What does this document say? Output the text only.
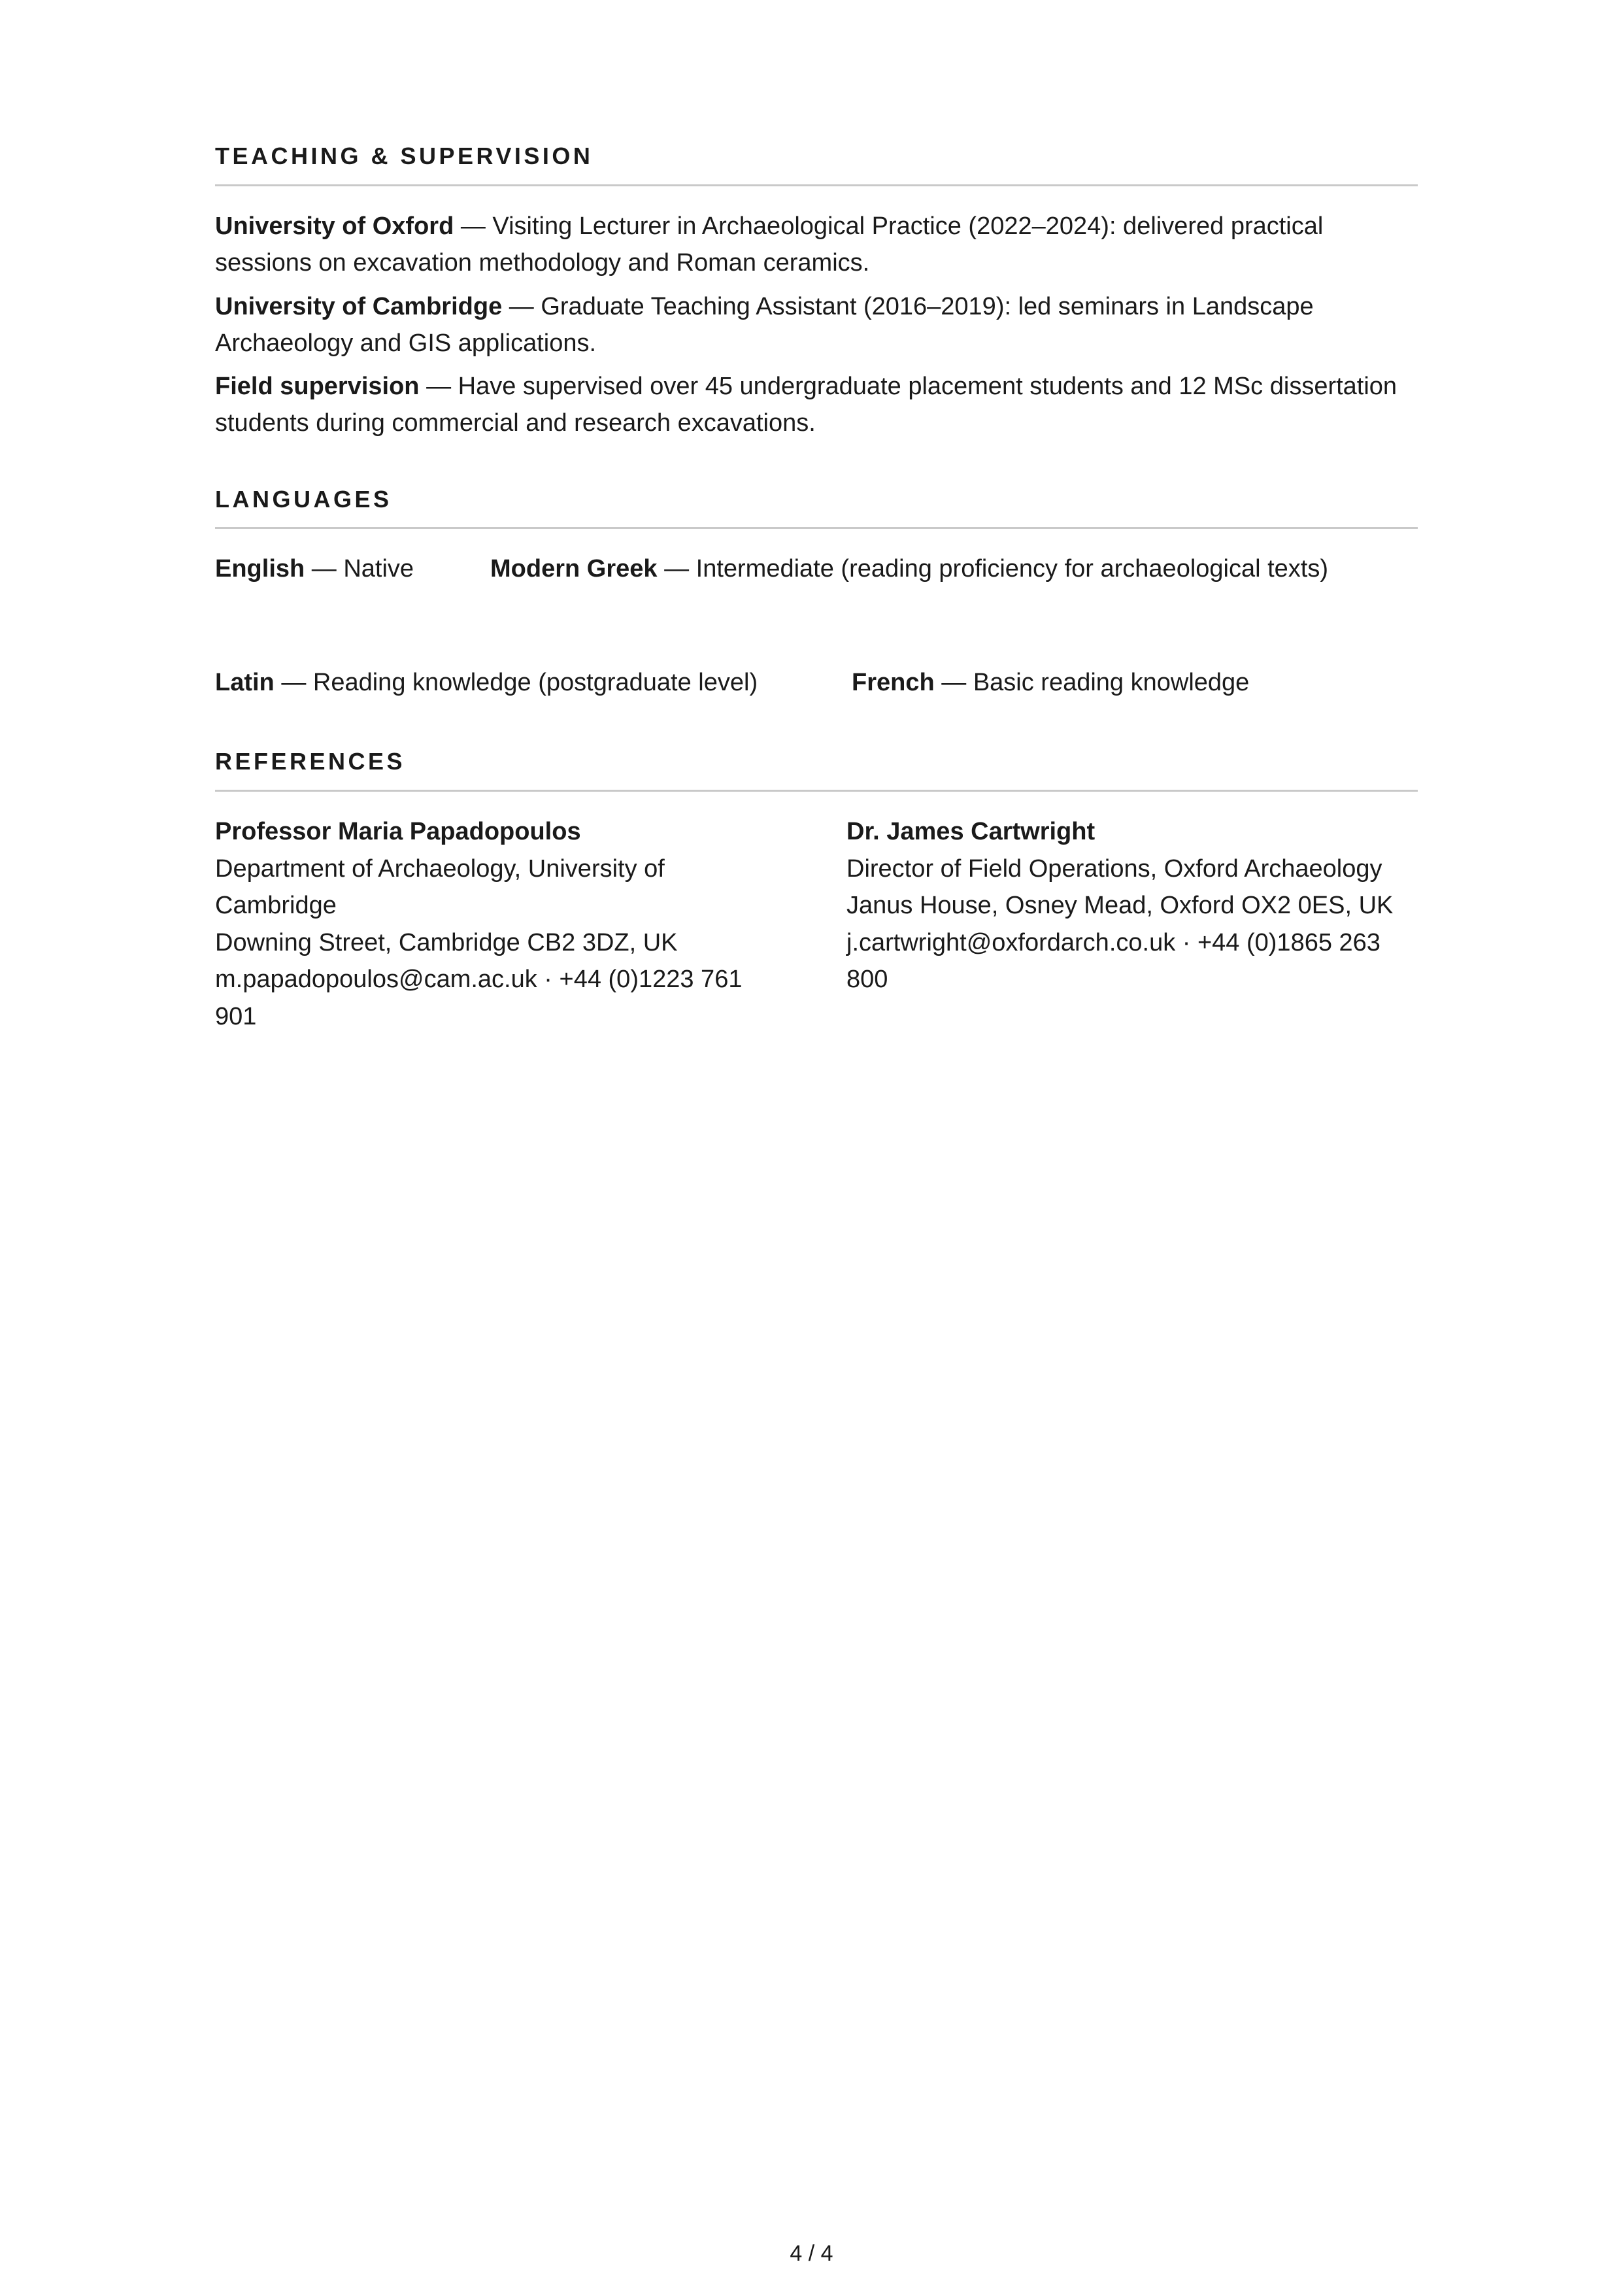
TEACHING & SUPERVISION

University of Oxford — Visiting Lecturer in Archaeological Practice (2022–2024): delivered practical sessions on excavation methodology and Roman ceramics.

University of Cambridge — Graduate Teaching Assistant (2016–2019): led seminars in Landscape Archaeology and GIS applications.

Field supervision — Have supervised over 45 undergraduate placement students and 12 MSc dissertation students during commercial and research excavations.

LANGUAGES
English — Native	Modern Greek — Intermediate (reading proficiency for archaeological texts)
Latin — Reading knowledge (postgraduate level)	French — Basic reading knowledge
REFERENCES
Professor Maria Papadopoulos
Department of Archaeology, University of
Cambridge
Downing Street, Cambridge CB2 3DZ, UK
m.papadopoulos@cam.ac.uk · +44 (0)1223 761
901
Dr. James Cartwright
Director of Field Operations, Oxford Archaeology
Janus House, Osney Mead, Oxford OX2 0ES, UK
j.cartwright@oxfordarch.co.uk · +44 (0)1865 263
800
4 / 4
